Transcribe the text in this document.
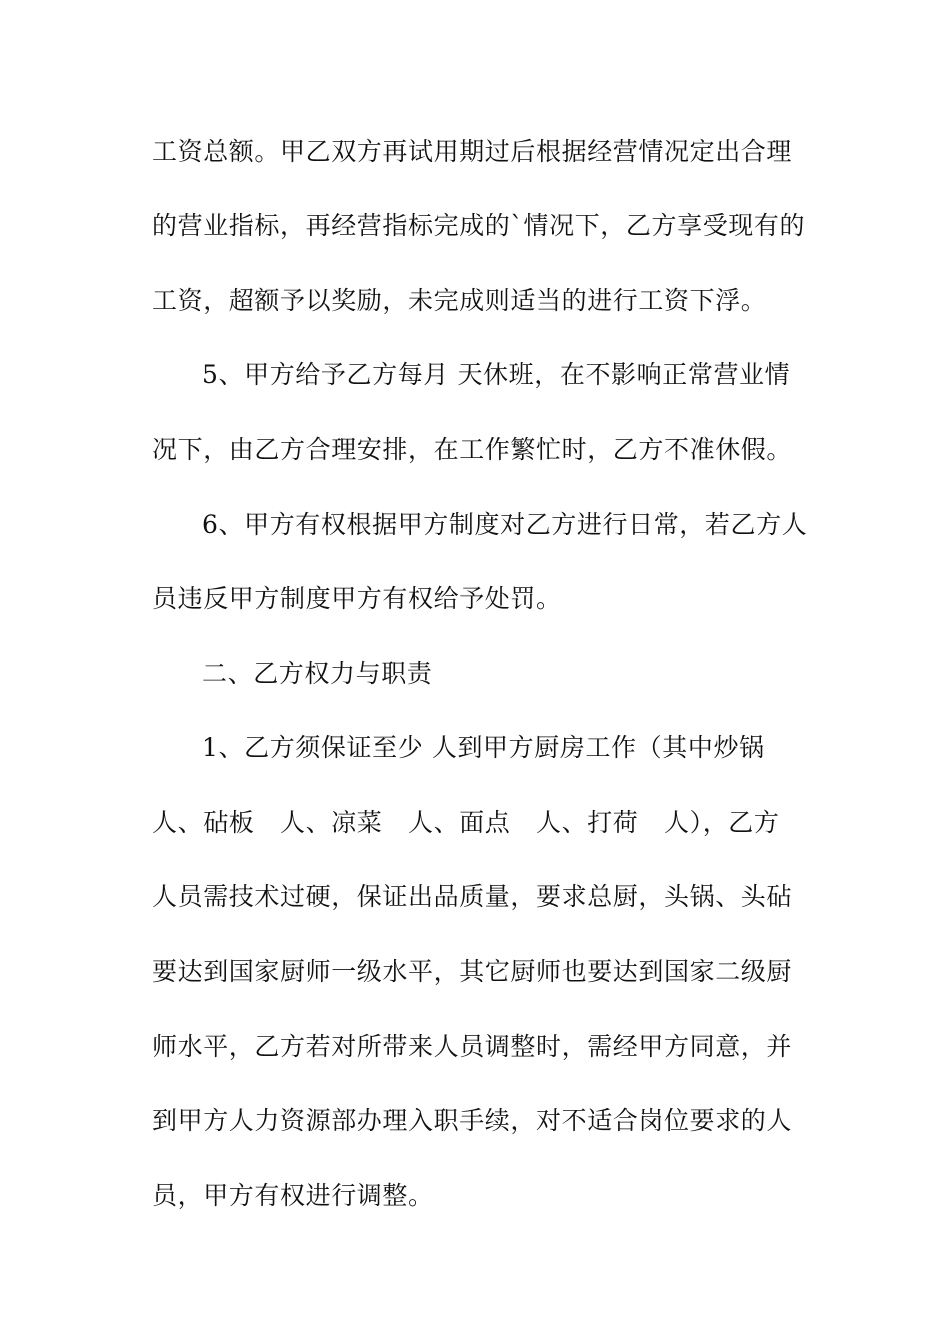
工资总额。甲乙双方再试用期过后根据经营情况定出合理
的营业指标，再经营指标完成的`情况下，乙方享受现有的
工资，超额予以奖励，未完成则适当的进行工资下浮。
5、甲方给予乙方每月 天休班，在不影响正常营业情
况下，由乙方合理安排，在工作繁忙时，乙方不准休假。
6、甲方有权根据甲方制度对乙方进行日常，若乙方人
员违反甲方制度甲方有权给予处罚。
二、乙方权力与职责
1、乙方须保证至少 人到甲方厨房工作（其中炒锅
人、砧板　人、凉菜　人、面点　人、打荷　人），乙方
人员需技术过硬，保证出品质量，要求总厨，头锅、头砧
要达到国家厨师一级水平，其它厨师也要达到国家二级厨
师水平，乙方若对所带来人员调整时，需经甲方同意，并
到甲方人力资源部办理入职手续，对不适合岗位要求的人
员，甲方有权进行调整。
